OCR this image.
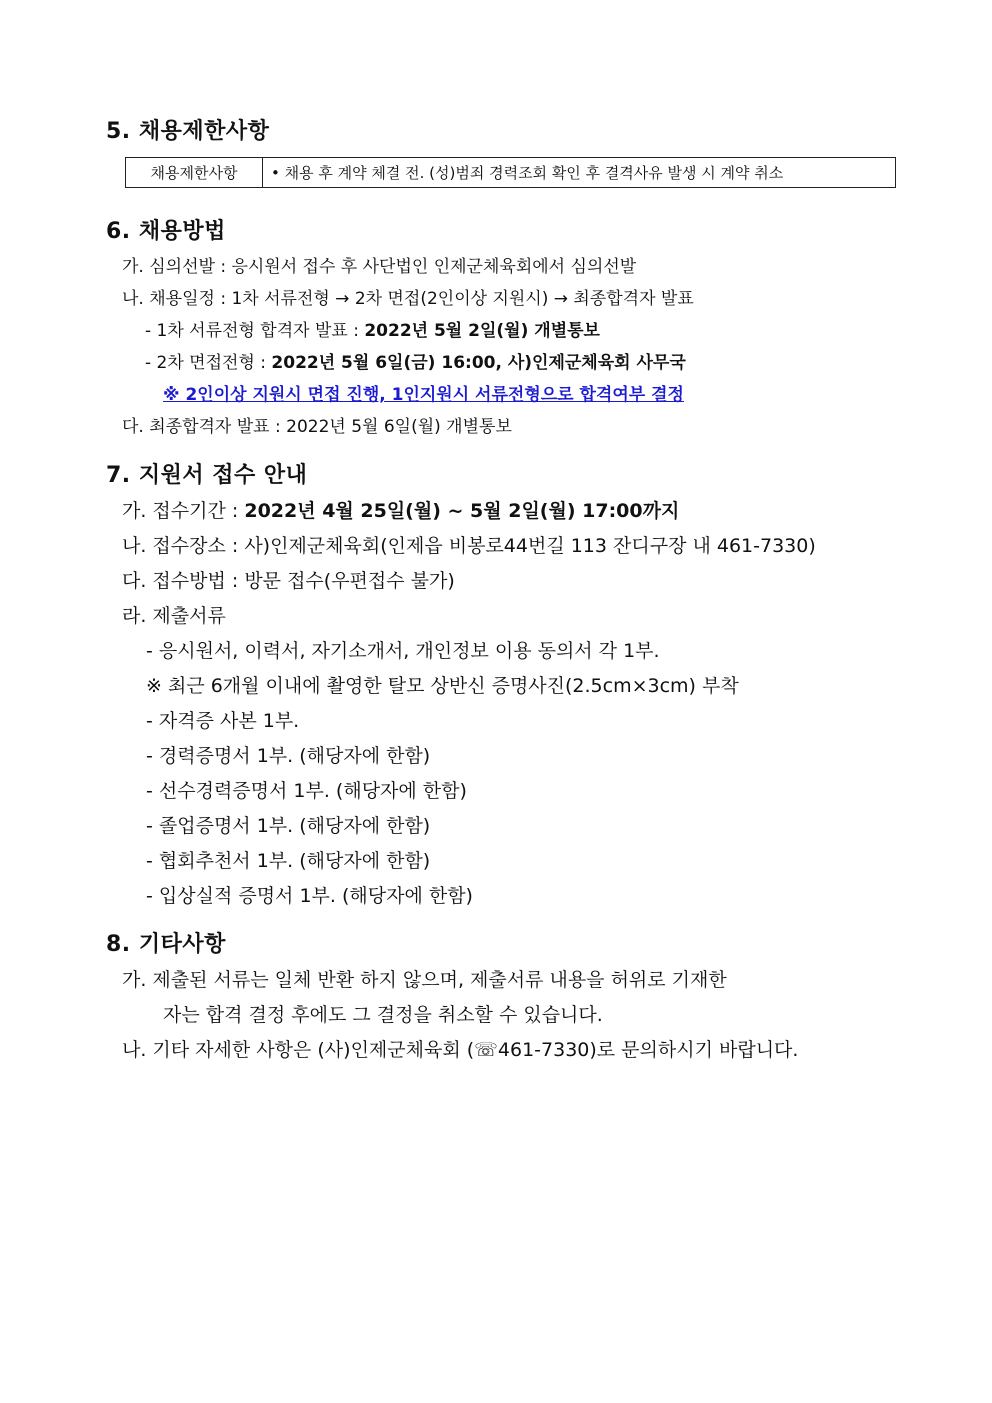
5. 채용제한사항
채용제한사항	• 채용 후 계약 체결 전. (성)범죄 경력조회 확인 후 결격사유 발생 시 계약 취소
6. 채용방법
가. 심의선발 : 응시원서 접수 후 사단법인 인제군체육회에서 심의선발
나. 채용일정 : 1차 서류전형 → 2차 면접(2인이상 지원시) → 최종합격자 발표
- 1차 서류전형 합격자 발표 : 2022년 5월 2일(월) 개별통보
- 2차 면접전형 : 2022년 5월 6일(금) 16:00, 사)인제군체육회 사무국
※ 2인이상 지원시 면접 진행, 1인지원시 서류전형으로 합격여부 결정
다. 최종합격자 발표 : 2022년 5월 6일(월) 개별통보
7. 지원서 접수 안내
가. 접수기간 : 2022년 4월 25일(월) ~ 5월 2일(월) 17:00까지
나. 접수장소 : 사)인제군체육회(인제읍 비봉로44번길 113 잔디구장 내 461-7330)
다. 접수방법 : 방문 접수(우편접수 불가)
라. 제출서류
- 응시원서, 이력서, 자기소개서, 개인정보 이용 동의서 각 1부.
※ 최근 6개월 이내에 촬영한 탈모 상반신 증명사진(2.5cm×3cm) 부착
- 자격증 사본 1부.
- 경력증명서 1부. (해당자에 한함)
- 선수경력증명서 1부. (해당자에 한함)
- 졸업증명서 1부. (해당자에 한함)
- 협회추천서 1부. (해당자에 한함)
- 입상실적 증명서 1부. (해당자에 한함)
8. 기타사항
가. 제출된 서류는 일체 반환 하지 않으며, 제출서류 내용을 허위로 기재한
자는 합격 결정 후에도 그 결정을 취소할 수 있습니다.
나. 기타 자세한 사항은 (사)인제군체육회 (☏461-7330)로 문의하시기 바랍니다.
